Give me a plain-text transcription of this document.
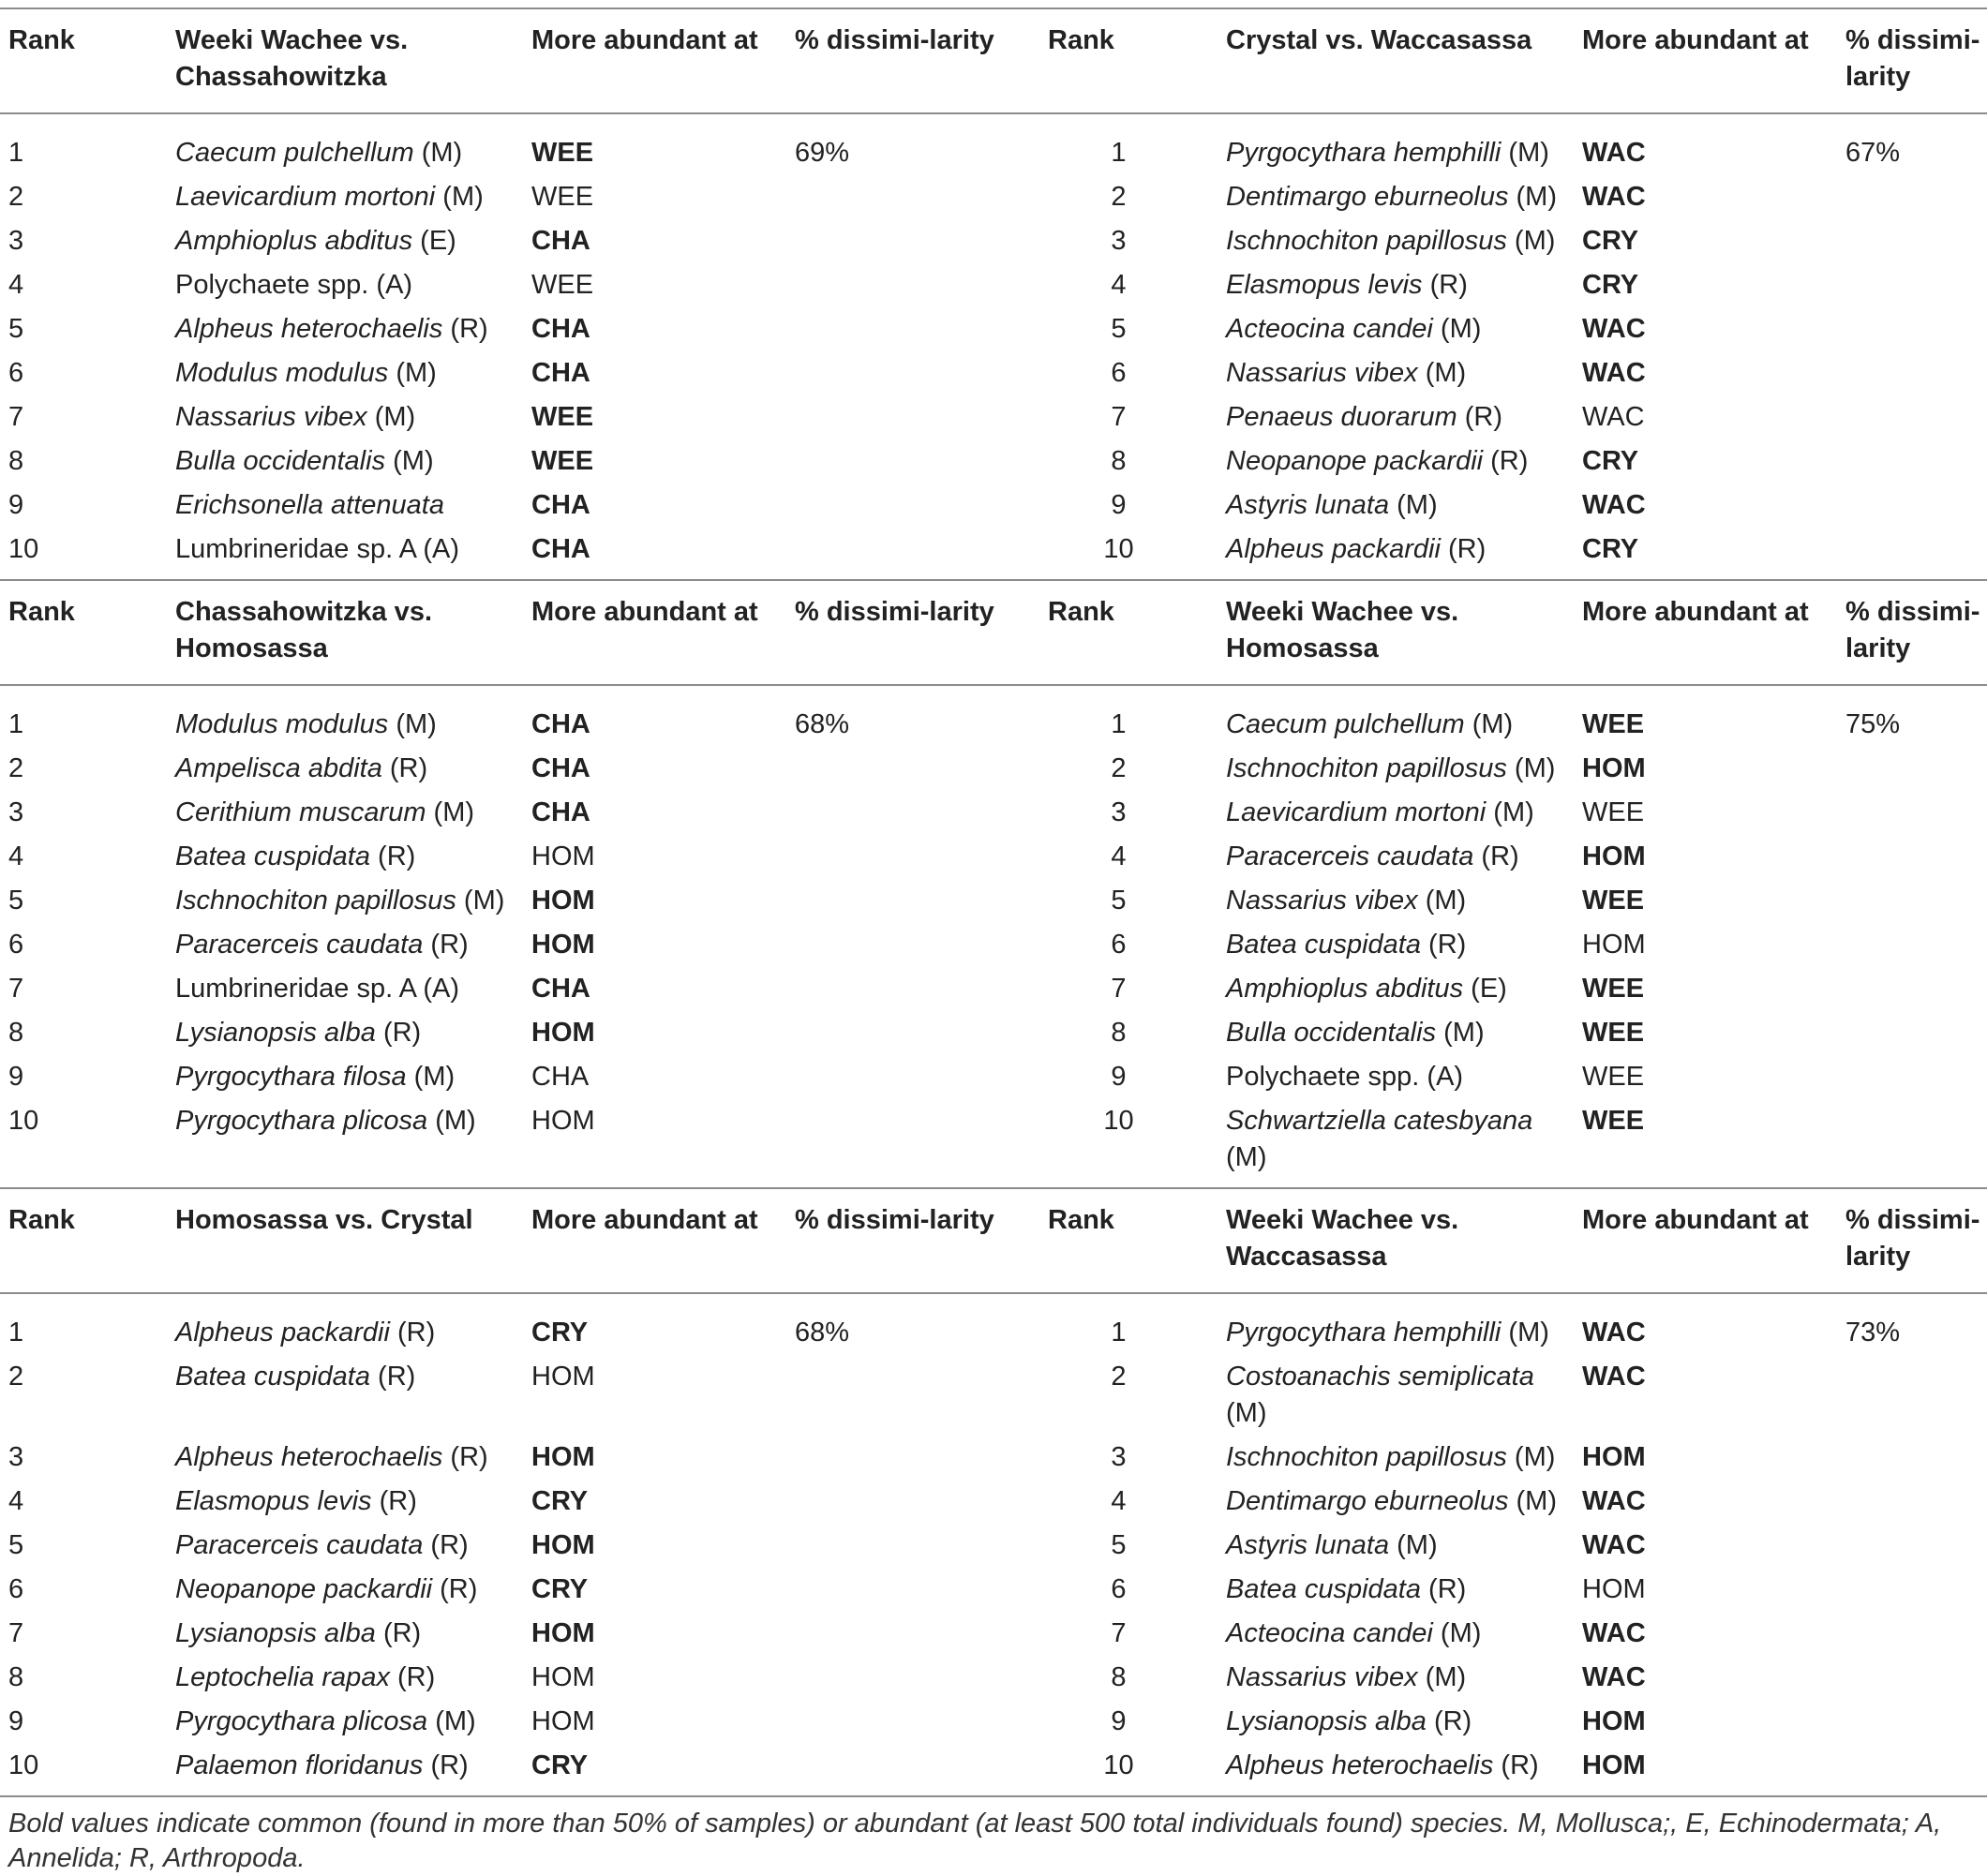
Rank	Weeki Wachee vs. Chassahowitzka	More abundant at	% dissimi-larity	Rank	Crystal vs. Waccasassa	More abundant at	% dissimi-larity
1	Caecum pulchellum (M)	WEE	69%	1	Pyrgocythara hemphilli (M)	WAC	67%
2	Laevicardium mortoni (M)	WEE		2	Dentimargo eburneolus (M)	WAC	
3	Amphioplus abditus (E)	CHA		3	Ischnochiton papillosus (M)	CRY	
4	Polychaete spp. (A)	WEE		4	Elasmopus levis (R)	CRY	
5	Alpheus heterochaelis (R)	CHA		5	Acteocina candei (M)	WAC	
6	Modulus modulus (M)	CHA		6	Nassarius vibex (M)	WAC	
7	Nassarius vibex (M)	WEE		7	Penaeus duorarum (R)	WAC	
8	Bulla occidentalis (M)	WEE		8	Neopanope packardii (R)	CRY	
9	Erichsonella attenuata	CHA		9	Astyris lunata (M)	WAC	
10	Lumbrineridae sp. A (A)	CHA		10	Alpheus packardii (R)	CRY	
Rank	Chassahowitzka vs. Homosassa	More abundant at	% dissimi-larity	Rank	Weeki Wachee vs. Homosassa	More abundant at	% dissimi-larity
1	Modulus modulus (M)	CHA	68%	1	Caecum pulchellum (M)	WEE	75%
2	Ampelisca abdita (R)	CHA		2	Ischnochiton papillosus (M)	HOM	
3	Cerithium muscarum (M)	CHA		3	Laevicardium mortoni (M)	WEE	
4	Batea cuspidata (R)	HOM		4	Paracerceis caudata (R)	HOM	
5	Ischnochiton papillosus (M)	HOM		5	Nassarius vibex (M)	WEE	
6	Paracerceis caudata (R)	HOM		6	Batea cuspidata (R)	HOM	
7	Lumbrineridae sp. A (A)	CHA		7	Amphioplus abditus (E)	WEE	
8	Lysianopsis alba (R)	HOM		8	Bulla occidentalis (M)	WEE	
9	Pyrgocythara filosa (M)	CHA		9	Polychaete spp. (A)	WEE	
10	Pyrgocythara plicosa (M)	HOM		10	Schwartziella catesbyana (M)	WEE	
Rank	Homosassa vs. Crystal	More abundant at	% dissimi-larity	Rank	Weeki Wachee vs. Waccasassa	More abundant at	% dissimi-larity
1	Alpheus packardii (R)	CRY	68%	1	Pyrgocythara hemphilli (M)	WAC	73%
2	Batea cuspidata (R)	HOM		2	Costoanachis semiplicata (M)	WAC	
3	Alpheus heterochaelis (R)	HOM		3	Ischnochiton papillosus (M)	HOM	
4	Elasmopus levis (R)	CRY		4	Dentimargo eburneolus (M)	WAC	
5	Paracerceis caudata (R)	HOM		5	Astyris lunata (M)	WAC	
6	Neopanope packardii (R)	CRY		6	Batea cuspidata (R)	HOM	
7	Lysianopsis alba (R)	HOM		7	Acteocina candei (M)	WAC	
8	Leptochelia rapax (R)	HOM		8	Nassarius vibex (M)	WAC	
9	Pyrgocythara plicosa (M)	HOM		9	Lysianopsis alba (R)	HOM	
10	Palaemon floridanus (R)	CRY		10	Alpheus heterochaelis (R)	HOM	
Bold values indicate common (found in more than 50% of samples) or abundant (at least 500 total individuals found) species. M, Mollusca;, E, Echinodermata; A, Annelida; R, Arthropoda.
